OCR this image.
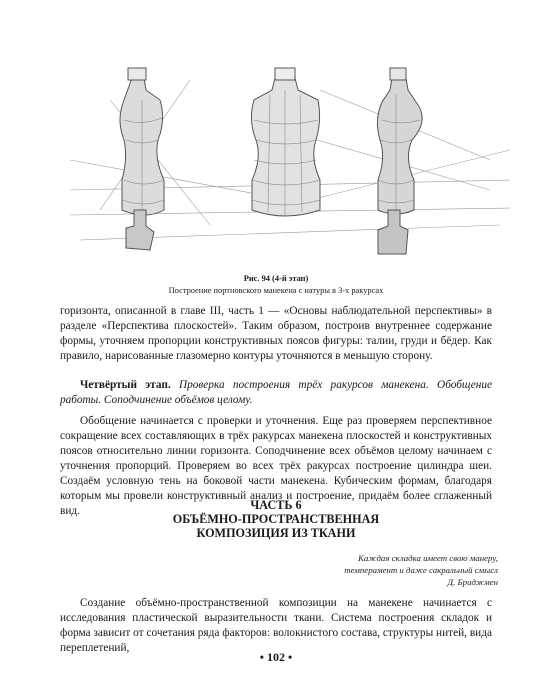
Рис. 94 (4-й этап)
Построение портновского манекена с натуры в 3-х ракурсах

горизонта, описанной в главе III, часть 1 — «Основы наблюдательной перспективы» в разделе «Перспектива плоскостей». Таким образом, построив внутреннее содержание формы, уточняем пропорции конструктивных поясов фигуры: талии, груди и бёдер. Как правило, нарисованные глазомерно контуры уточняются в меньшую сторону.

Четвёртый этап. Проверка построения трёх ракурсов манекена. Обобщение работы. Соподчинение объёмов целому.

Обобщение начинается с проверки и уточнения. Еще раз проверяем перспективное сокращение всех составляющих в трёх ракурсах манекена плоскостей и конструктивных поясов относительно линии горизонта. Соподчинение всех объёмов целому начинаем с уточнения пропорций. Проверяем во всех трёх ракурсах построение цилиндра шеи. Создаём условную тень на боковой части манекена. Кубическим формам, благодаря которым мы провели конструктивный анализ и построение, придаём более сглаженный вид.	ЧАСТЬ 6
ОБЪЁМНО-ПРОСТРАНСТВЕННАЯ
КОМПОЗИЦИЯ ИЗ ТКАНИ
Каждая складка имеет свою манеру,
темперамент и даже сакральный смысл
Д. Бриджмен

Создание объёмно-пространственной композиции на манекене начинается с исследования пластической выразительности ткани. Система построения складок и форма зависит от сочетания ряда факторов: волокнистого состава, структуры нитей, вида переплетений,

• 102 •
